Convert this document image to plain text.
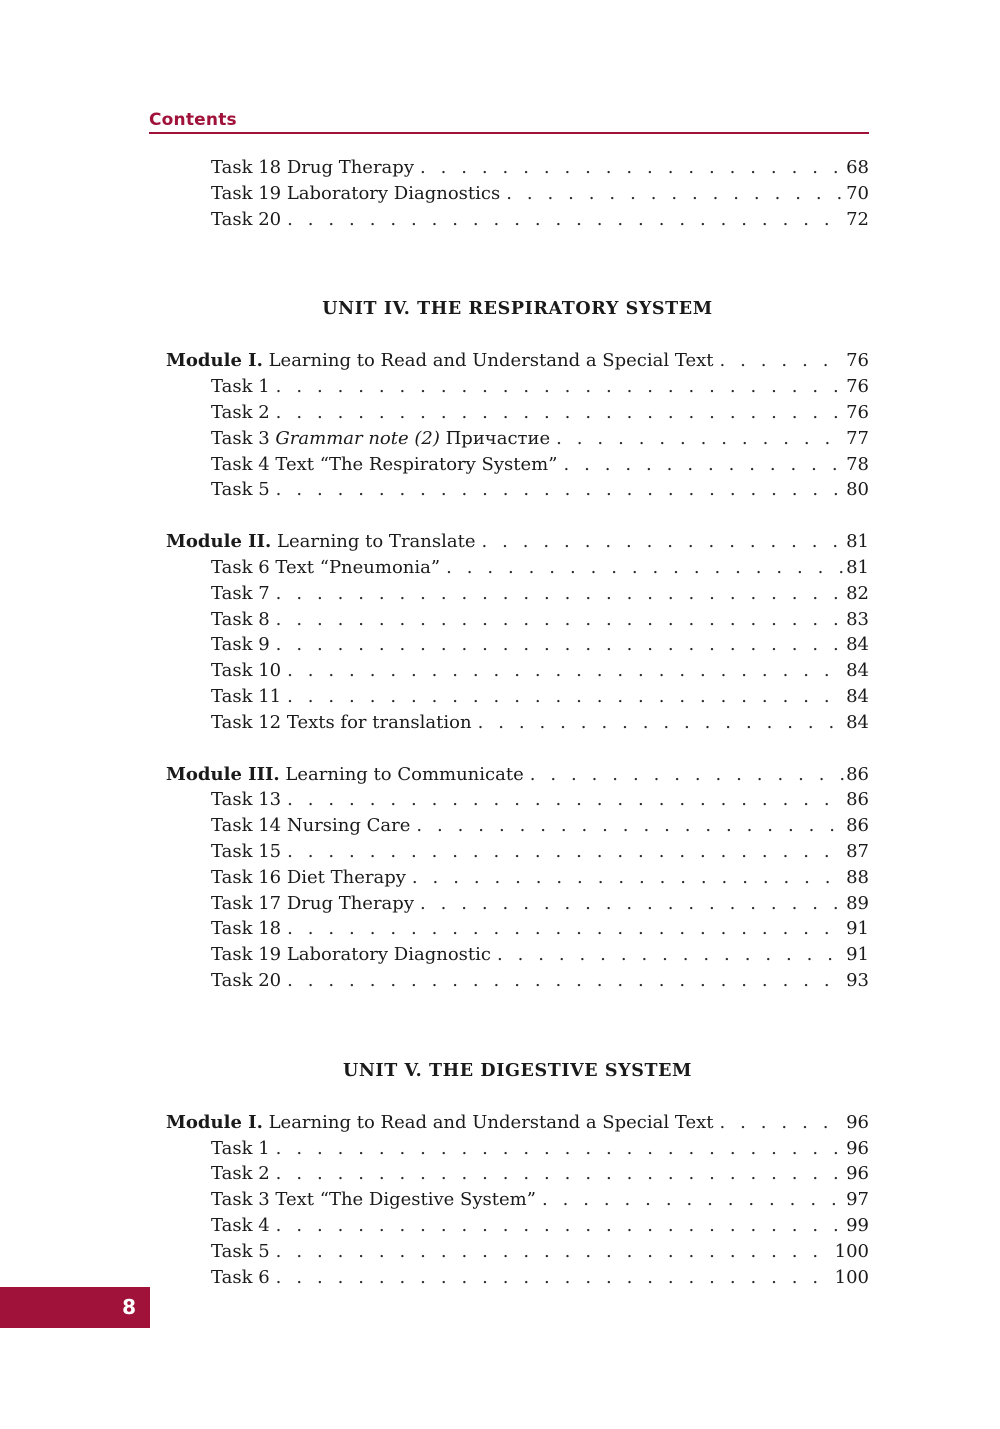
Contents
Task 18 Drug Therapy . . .	68
Task 19 Laboratory Diagnostics . . .	70
Task 20 . . .	72
UNIT IV. THE RESPIRATORY SYSTEM
Module I. Learning to Read and Understand a Special Text . . .	76
Task 1 . . .	76
Task 2 . . .	76
Task 3 Grammar note (2) Причастие . . .	77
Task 4 Text “The Respiratory System” . . .	78
Task 5 . . .	80
Module II. Learning to Translate . . .	81
Task 6 Text “Pneumonia” . . .	81
Task 7 . . .	82
Task 8 . . .	83
Task 9 . . .	84
Task 10 . . .	84
Task 11 . . .	84
Task 12 Texts for translation . . .	84
Module III. Learning to Communicate . . .	86
Task 13 . . .	86
Task 14 Nursing Care . . .	86
Task 15 . . .	87
Task 16 Diet Therapy . . .	88
Task 17 Drug Therapy . . .	89
Task 18 . . .	91
Task 19 Laboratory Diagnostic . . .	91
Task 20 . . .	93
UNIT V. THE DIGESTIVE SYSTEM
Module I. Learning to Read and Understand a Special Text . . .	96
Task 1 . . .	96
Task 2 . . .	96
Task 3 Text “The Digestive System” . . .	97
Task 4 . . .	99
Task 5 . . .	100
Task 6 . . .	100
8
